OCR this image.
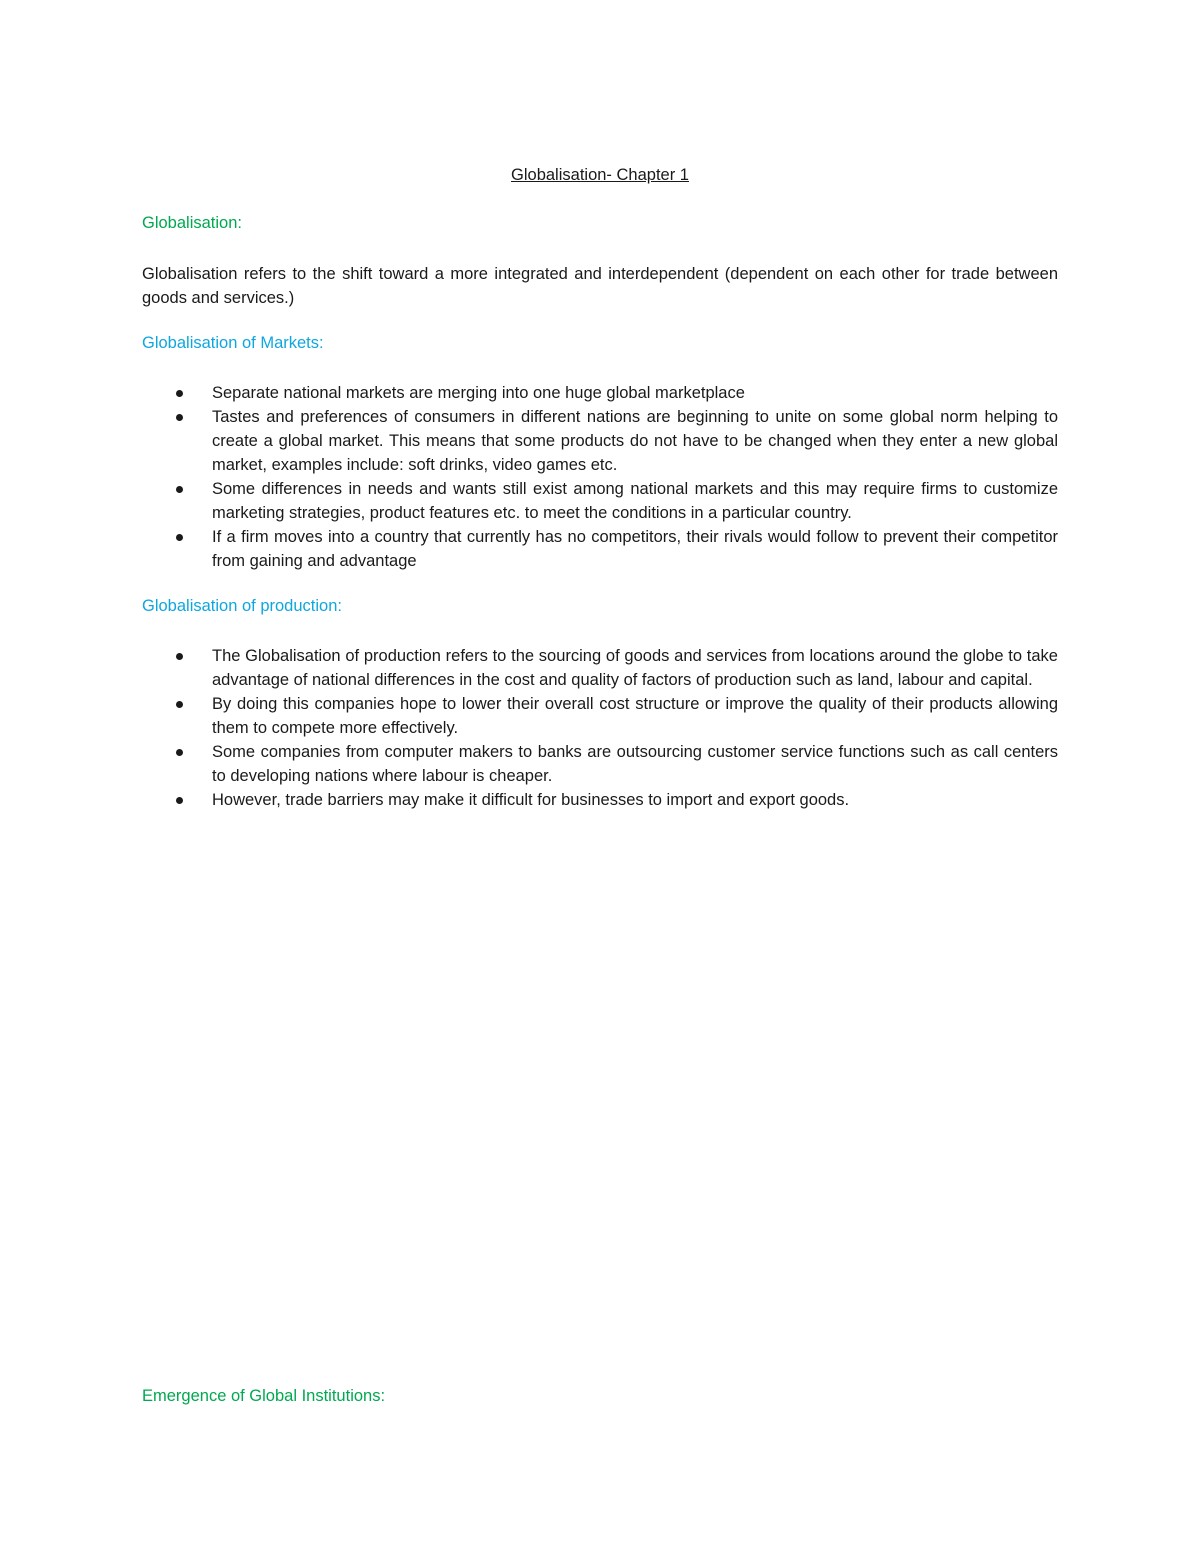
Globalisation- Chapter 1
Globalisation:

Globalisation refers to the shift toward a more integrated and interdependent (dependent on each other for trade between goods and services.)

Globalisation of Markets:
Separate national markets are merging into one huge global marketplace
Tastes and preferences of consumers in different nations are beginning to unite on some global norm helping to create a global market. This means that some products do not have to be changed when they enter a new global market, examples include: soft drinks, video games etc.
Some differences in needs and wants still exist among national markets and this may require firms to customize marketing strategies, product features etc. to meet the conditions in a particular country.
If a firm moves into a country that currently has no competitors, their rivals would follow to prevent their competitor from gaining and advantage
Globalisation of production:
The Globalisation of production refers to the sourcing of goods and services from locations around the globe to take advantage of national differences in the cost and quality of factors of production such as land, labour and capital.
By doing this companies hope to lower their overall cost structure or improve the quality of their products allowing them to compete more effectively.
Some companies from computer makers to banks are outsourcing customer service functions such as call centers to developing nations where labour is cheaper.
However, trade barriers may make it difficult for businesses to import and export goods.
Emergence of Global Institutions:
